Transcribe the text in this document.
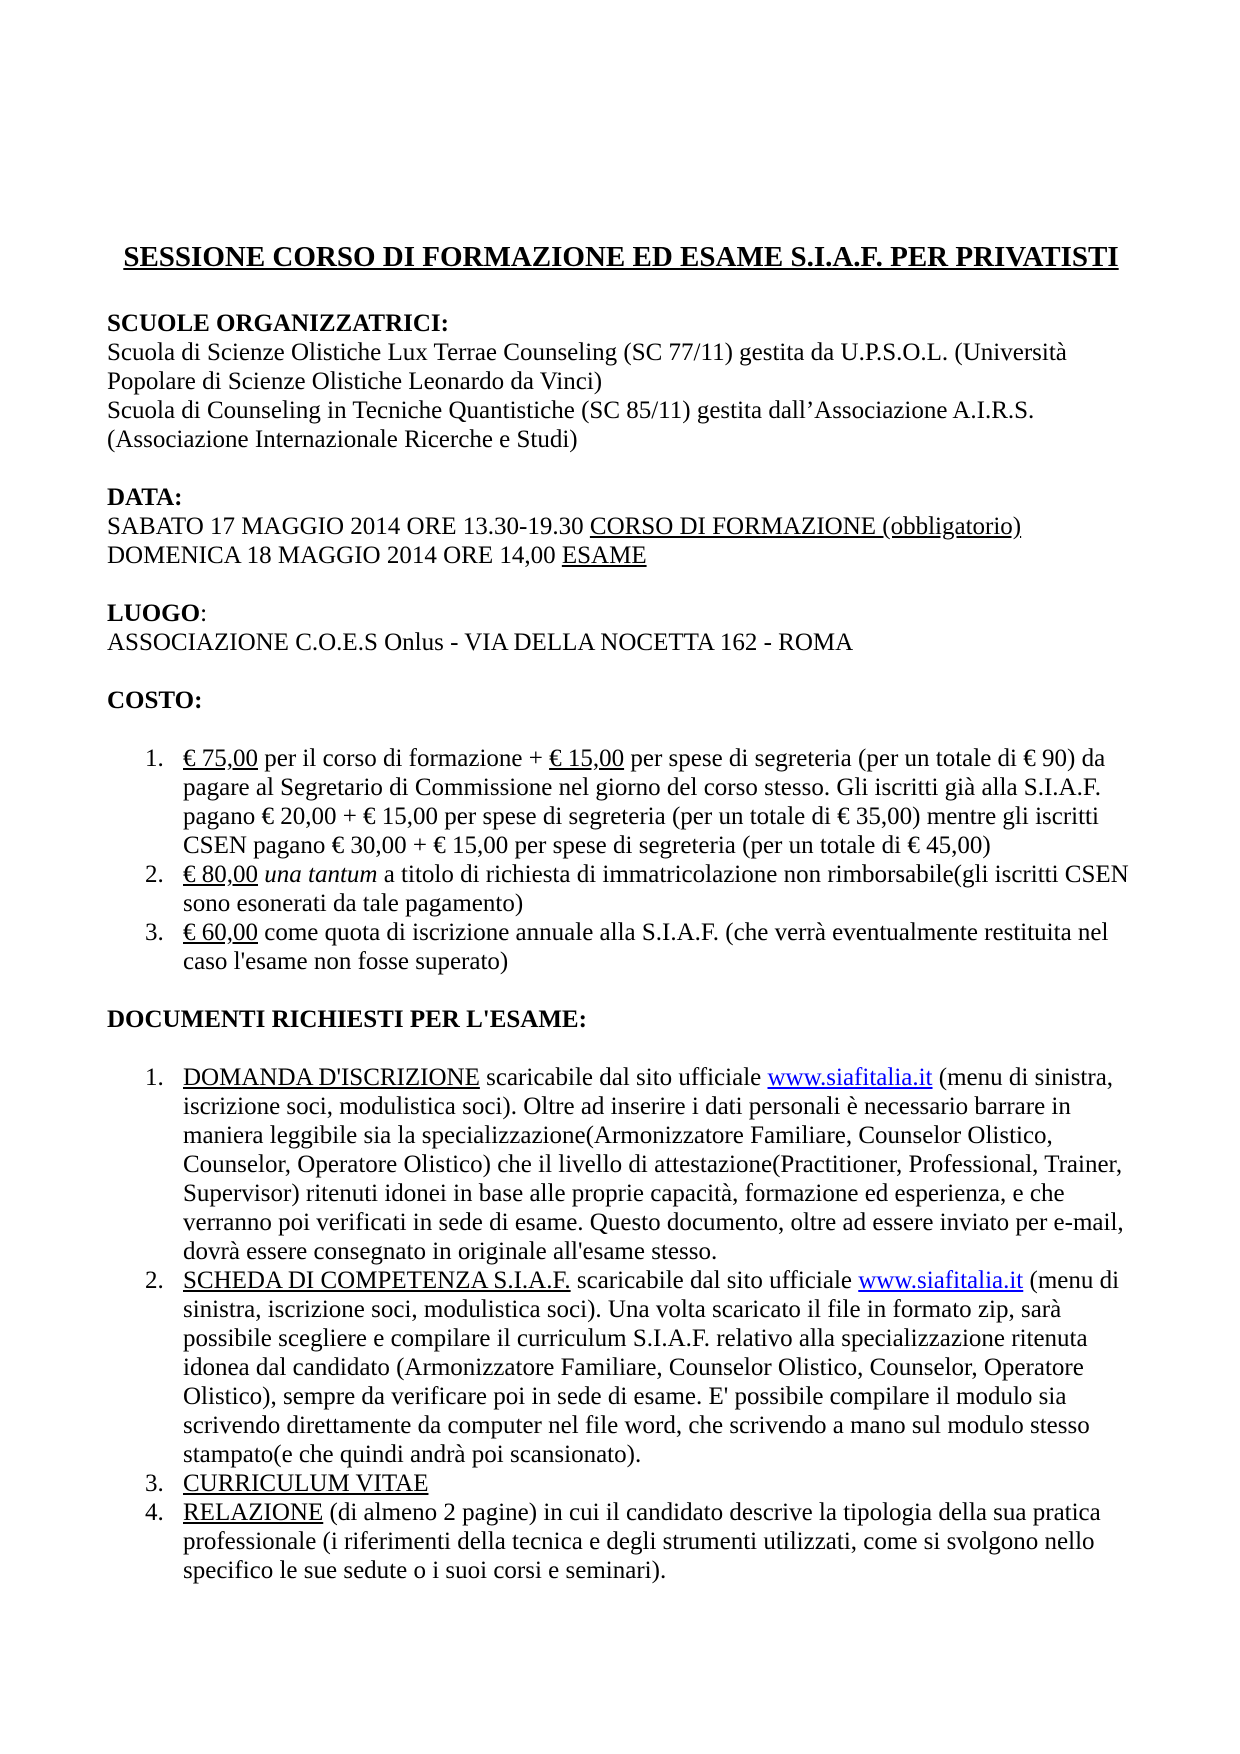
SESSIONE CORSO DI FORMAZIONE ED ESAME S.I.A.F. PER PRIVATISTI
SCUOLE ORGANIZZATRICI:

Scuola di Scienze Olistiche Lux Terrae Counseling (SC 77/11) gestita da U.P.S.O.L. (Università Popolare di Scienze Olistiche Leonardo da Vinci)

Scuola di Counseling in Tecniche Quantistiche (SC 85/11) gestita dall’Associazione A.I.R.S.(Associazione Internazionale Ricerche e Studi)

DATA:

SABATO 17 MAGGIO 2014 ORE 13.30-19.30 CORSO DI FORMAZIONE (obbligatorio)

DOMENICA 18 MAGGIO 2014 ORE 14,00 ESAME

LUOGO:

ASSOCIAZIONE C.O.E.S Onlus - VIA DELLA NOCETTA 162 - ROMA

COSTO:
1. € 75,00 per il corso di formazione + € 15,00 per spese di segreteria (per un totale di € 90) da pagare al Segretario di Commissione nel giorno del corso stesso. Gli iscritti già alla S.I.A.F. pagano € 20,00 + € 15,00 per spese di segreteria (per un totale di € 35,00) mentre gli iscritti CSEN pagano € 30,00 + € 15,00 per spese di segreteria (per un totale di € 45,00)
2. € 80,00 una tantum a titolo di richiesta di immatricolazione non rimborsabile(gli iscritti CSEN sono esonerati da tale pagamento)
3. € 60,00 come quota di iscrizione annuale alla S.I.A.F. (che verrà eventualmente restituita nel caso l'esame non fosse superato)
DOCUMENTI RICHIESTI PER L'ESAME:
1. DOMANDA D'ISCRIZIONE scaricabile dal sito ufficiale www.siafitalia.it (menu di sinistra, iscrizione soci, modulistica soci). Oltre ad inserire i dati personali è necessario barrare in maniera leggibile sia la specializzazione(Armonizzatore Familiare, Counselor Olistico, Counselor, Operatore Olistico) che il livello di attestazione(Practitioner, Professional, Trainer, Supervisor) ritenuti idonei in base alle proprie capacità, formazione ed esperienza, e che verranno poi verificati in sede di esame. Questo documento, oltre ad essere inviato per e-mail, dovrà essere consegnato in originale all'esame stesso.
2. SCHEDA DI COMPETENZA S.I.A.F. scaricabile dal sito ufficiale www.siafitalia.it (menu di sinistra, iscrizione soci, modulistica soci). Una volta scaricato il file in formato zip, sarà possibile scegliere e compilare il curriculum S.I.A.F. relativo alla specializzazione ritenuta idonea dal candidato (Armonizzatore Familiare, Counselor Olistico, Counselor, Operatore Olistico), sempre da verificare poi in sede di esame. E' possibile compilare il modulo sia scrivendo direttamente da computer nel file word, che scrivendo a mano sul modulo stesso stampato(e che quindi andrà poi scansionato).
3. CURRICULUM VITAE
4. RELAZIONE (di almeno 2 pagine) in cui il candidato descrive la tipologia della sua pratica professionale (i riferimenti della tecnica e degli strumenti utilizzati, come si svolgono nello specifico le sue sedute o i suoi corsi e seminari).
